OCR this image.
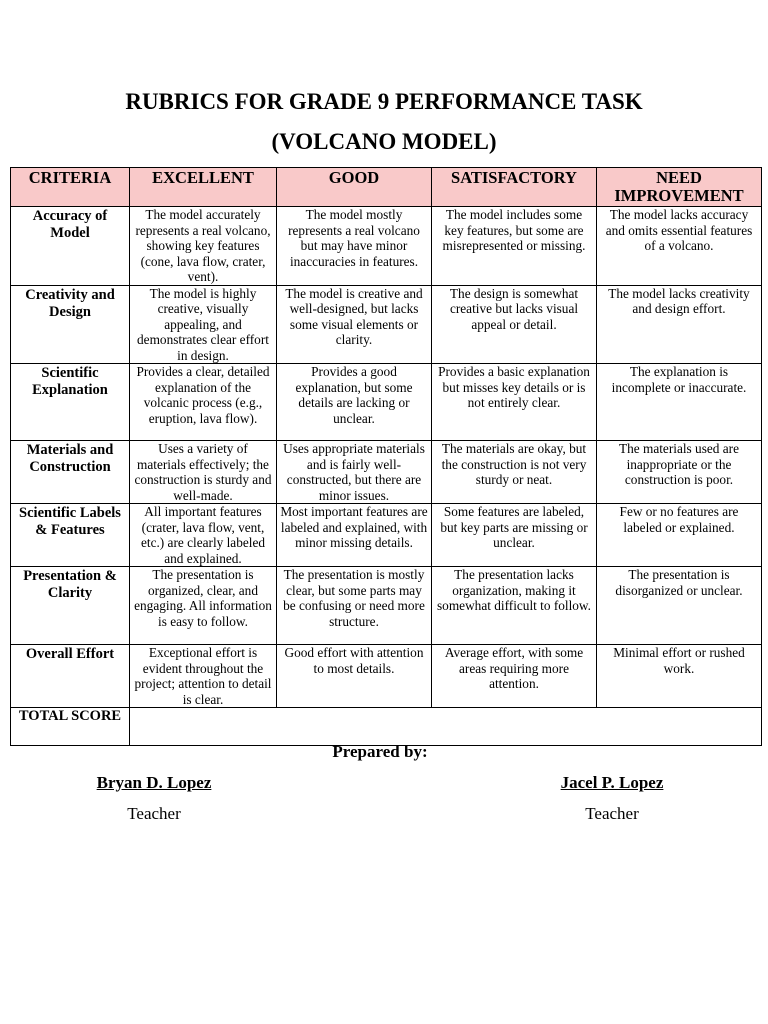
RUBRICS FOR GRADE 9 PERFORMANCE TASK
(VOLCANO MODEL)
CRITERIA	EXCELLENT	GOOD	SATISFACTORY	NEED IMPROVEMENT
Accuracy of Model	The model accurately represents a real volcano, showing key features (cone, lava flow, crater, vent).	The model mostly represents a real volcano but may have minor inaccuracies in features.	The model includes some key features, but some are misrepresented or missing.	The model lacks accuracy and omits essential features of a volcano.
Creativity and Design	The model is highly creative, visually appealing, and demonstrates clear effort in design.	The model is creative and well-designed, but lacks some visual elements or clarity.	The design is somewhat creative but lacks visual appeal or detail.	The model lacks creativity and design effort.
Scientific Explanation	Provides a clear, detailed explanation of the volcanic process (e.g., eruption, lava flow).	Provides a good explanation, but some details are lacking or unclear.	Provides a basic explanation but misses key details or is not entirely clear.	The explanation is incomplete or inaccurate.
Materials and Construction	Uses a variety of materials effectively; the construction is sturdy and well-made.	Uses appropriate materials and is fairly well-constructed, but there are minor issues.	The materials are okay, but the construction is not very sturdy or neat.	The materials used are inappropriate or the construction is poor.
Scientific Labels & Features	All important features (crater, lava flow, vent, etc.) are clearly labeled and explained.	Most important features are labeled and explained, with minor missing details.	Some features are labeled, but key parts are missing or unclear.	Few or no features are labeled or explained.
Presentation & Clarity	The presentation is organized, clear, and engaging. All information is easy to follow.	The presentation is mostly clear, but some parts may be confusing or need more structure.	The presentation lacks organization, making it somewhat difficult to follow.	The presentation is disorganized or unclear.
Overall Effort	Exceptional effort is evident throughout the project; attention to detail is clear.	Good effort with attention to most details.	Average effort, with some areas requiring more attention.	Minimal effort or rushed work.
TOTAL SCORE				
Prepared by:
Bryan D. Lopez
Teacher
Jacel P. Lopez
Teacher
